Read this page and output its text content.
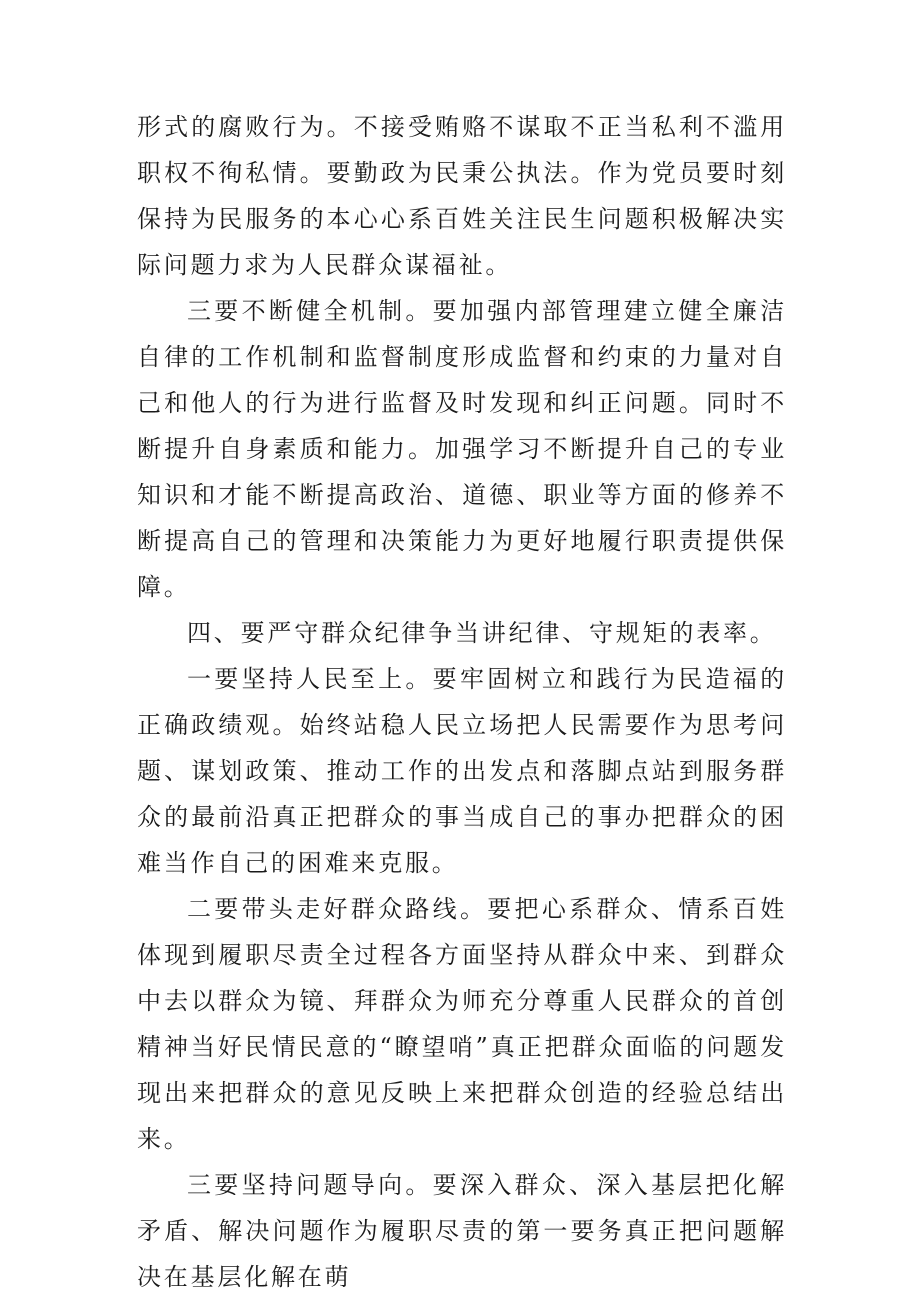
形式的腐败行为。不接受贿赂不谋取不正当私利不滥用职权不徇私情。要勤政为民秉公执法。作为党员要时刻保持为民服务的本心心系百姓关注民生问题积极解决实际问题力求为人民群众谋福祉。

三要不断健全机制。要加强内部管理建立健全廉洁自律的工作机制和监督制度形成监督和约束的力量对自己和他人的行为进行监督及时发现和纠正问题。同时不断提升自身素质和能力。加强学习不断提升自己的专业知识和才能不断提高政治、道德、职业等方面的修养不断提高自己的管理和决策能力为更好地履行职责提供保障。

四、要严守群众纪律争当讲纪律、守规矩的表率。

一要坚持人民至上。要牢固树立和践行为民造福的正确政绩观。始终站稳人民立场把人民需要作为思考问题、谋划政策、推动工作的出发点和落脚点站到服务群众的最前沿真正把群众的事当成自己的事办把群众的困难当作自己的困难来克服。

二要带头走好群众路线。要把心系群众、情系百姓体现到履职尽责全过程各方面坚持从群众中来、到群众中去以群众为镜、拜群众为师充分尊重人民群众的首创精神当好民情民意的“瞭望哨”真正把群众面临的问题发现出来把群众的意见反映上来把群众创造的经验总结出来。

三要坚持问题导向。要深入群众、深入基层把化解矛盾、解决问题作为履职尽责的第一要务真正把问题解决在基层化解在萌
